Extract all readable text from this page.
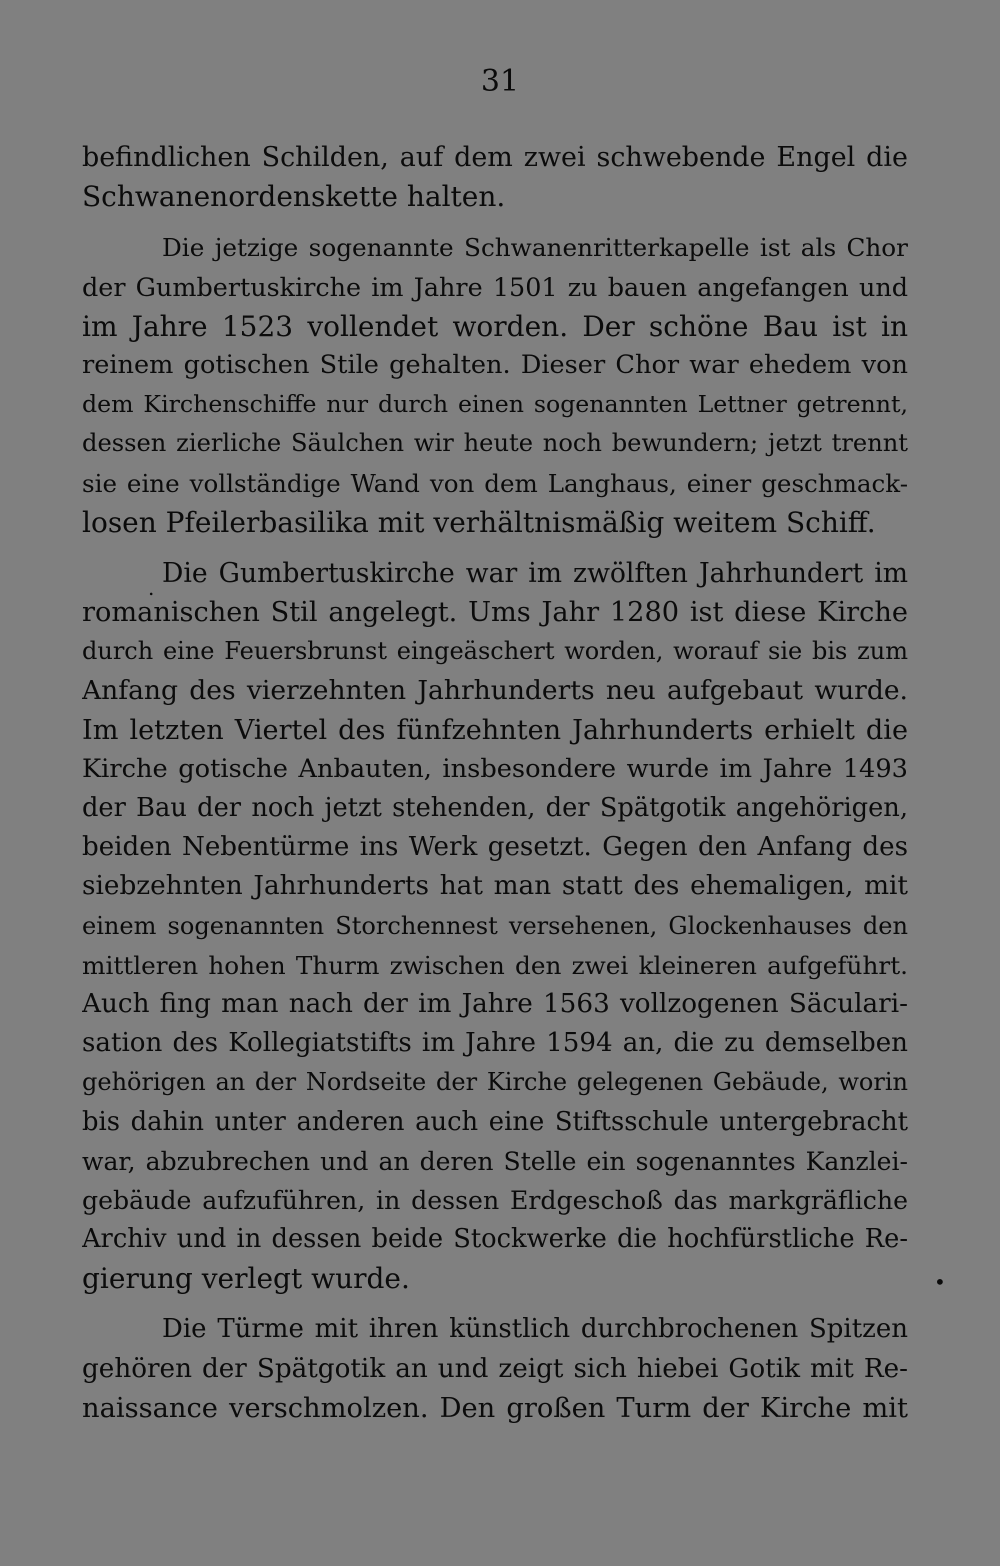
31
befindlichen Schilden, auf dem zwei schwebende Engel die
Schwanenordenskette halten.
Die jetzige sogenannte Schwanenritterkapelle ist als Chor
der Gumbertuskirche im Jahre 1501 zu bauen angefangen und
im Jahre 1523 vollendet worden. Der schöne Bau ist in
reinem gotischen Stile gehalten. Dieser Chor war ehedem von
dem Kirchenschiffe nur durch einen sogenannten Lettner getrennt,
dessen zierliche Säulchen wir heute noch bewundern; jetzt trennt
sie eine vollständige Wand von dem Langhaus, einer geschmack-
losen Pfeilerbasilika mit verhältnismäßig weitem Schiff.
Die Gumbertuskirche war im zwölften Jahrhundert im
romanischen Stil angelegt. Ums Jahr 1280 ist diese Kirche
durch eine Feuersbrunst eingeäschert worden, worauf sie bis zum
Anfang des vierzehnten Jahrhunderts neu aufgebaut wurde.
Im letzten Viertel des fünfzehnten Jahrhunderts erhielt die
Kirche gotische Anbauten, insbesondere wurde im Jahre 1493
der Bau der noch jetzt stehenden, der Spätgotik angehörigen,
beiden Nebentürme ins Werk gesetzt. Gegen den Anfang des
siebzehnten Jahrhunderts hat man statt des ehemaligen, mit
einem sogenannten Storchennest versehenen, Glockenhauses den
mittleren hohen Thurm zwischen den zwei kleineren aufgeführt.
Auch fing man nach der im Jahre 1563 vollzogenen Säculari-
sation des Kollegiatstifts im Jahre 1594 an, die zu demselben
gehörigen an der Nordseite der Kirche gelegenen Gebäude, worin
bis dahin unter anderen auch eine Stiftsschule untergebracht
war, abzubrechen und an deren Stelle ein sogenanntes Kanzlei-
gebäude aufzuführen, in dessen Erdgeschoß das markgräfliche
Archiv und in dessen beide Stockwerke die hochfürstliche Re-
gierung verlegt wurde.
Die Türme mit ihren künstlich durchbrochenen Spitzen
gehören der Spätgotik an und zeigt sich hiebei Gotik mit Re-
naissance verschmolzen. Den großen Turm der Kirche mit
.
•
